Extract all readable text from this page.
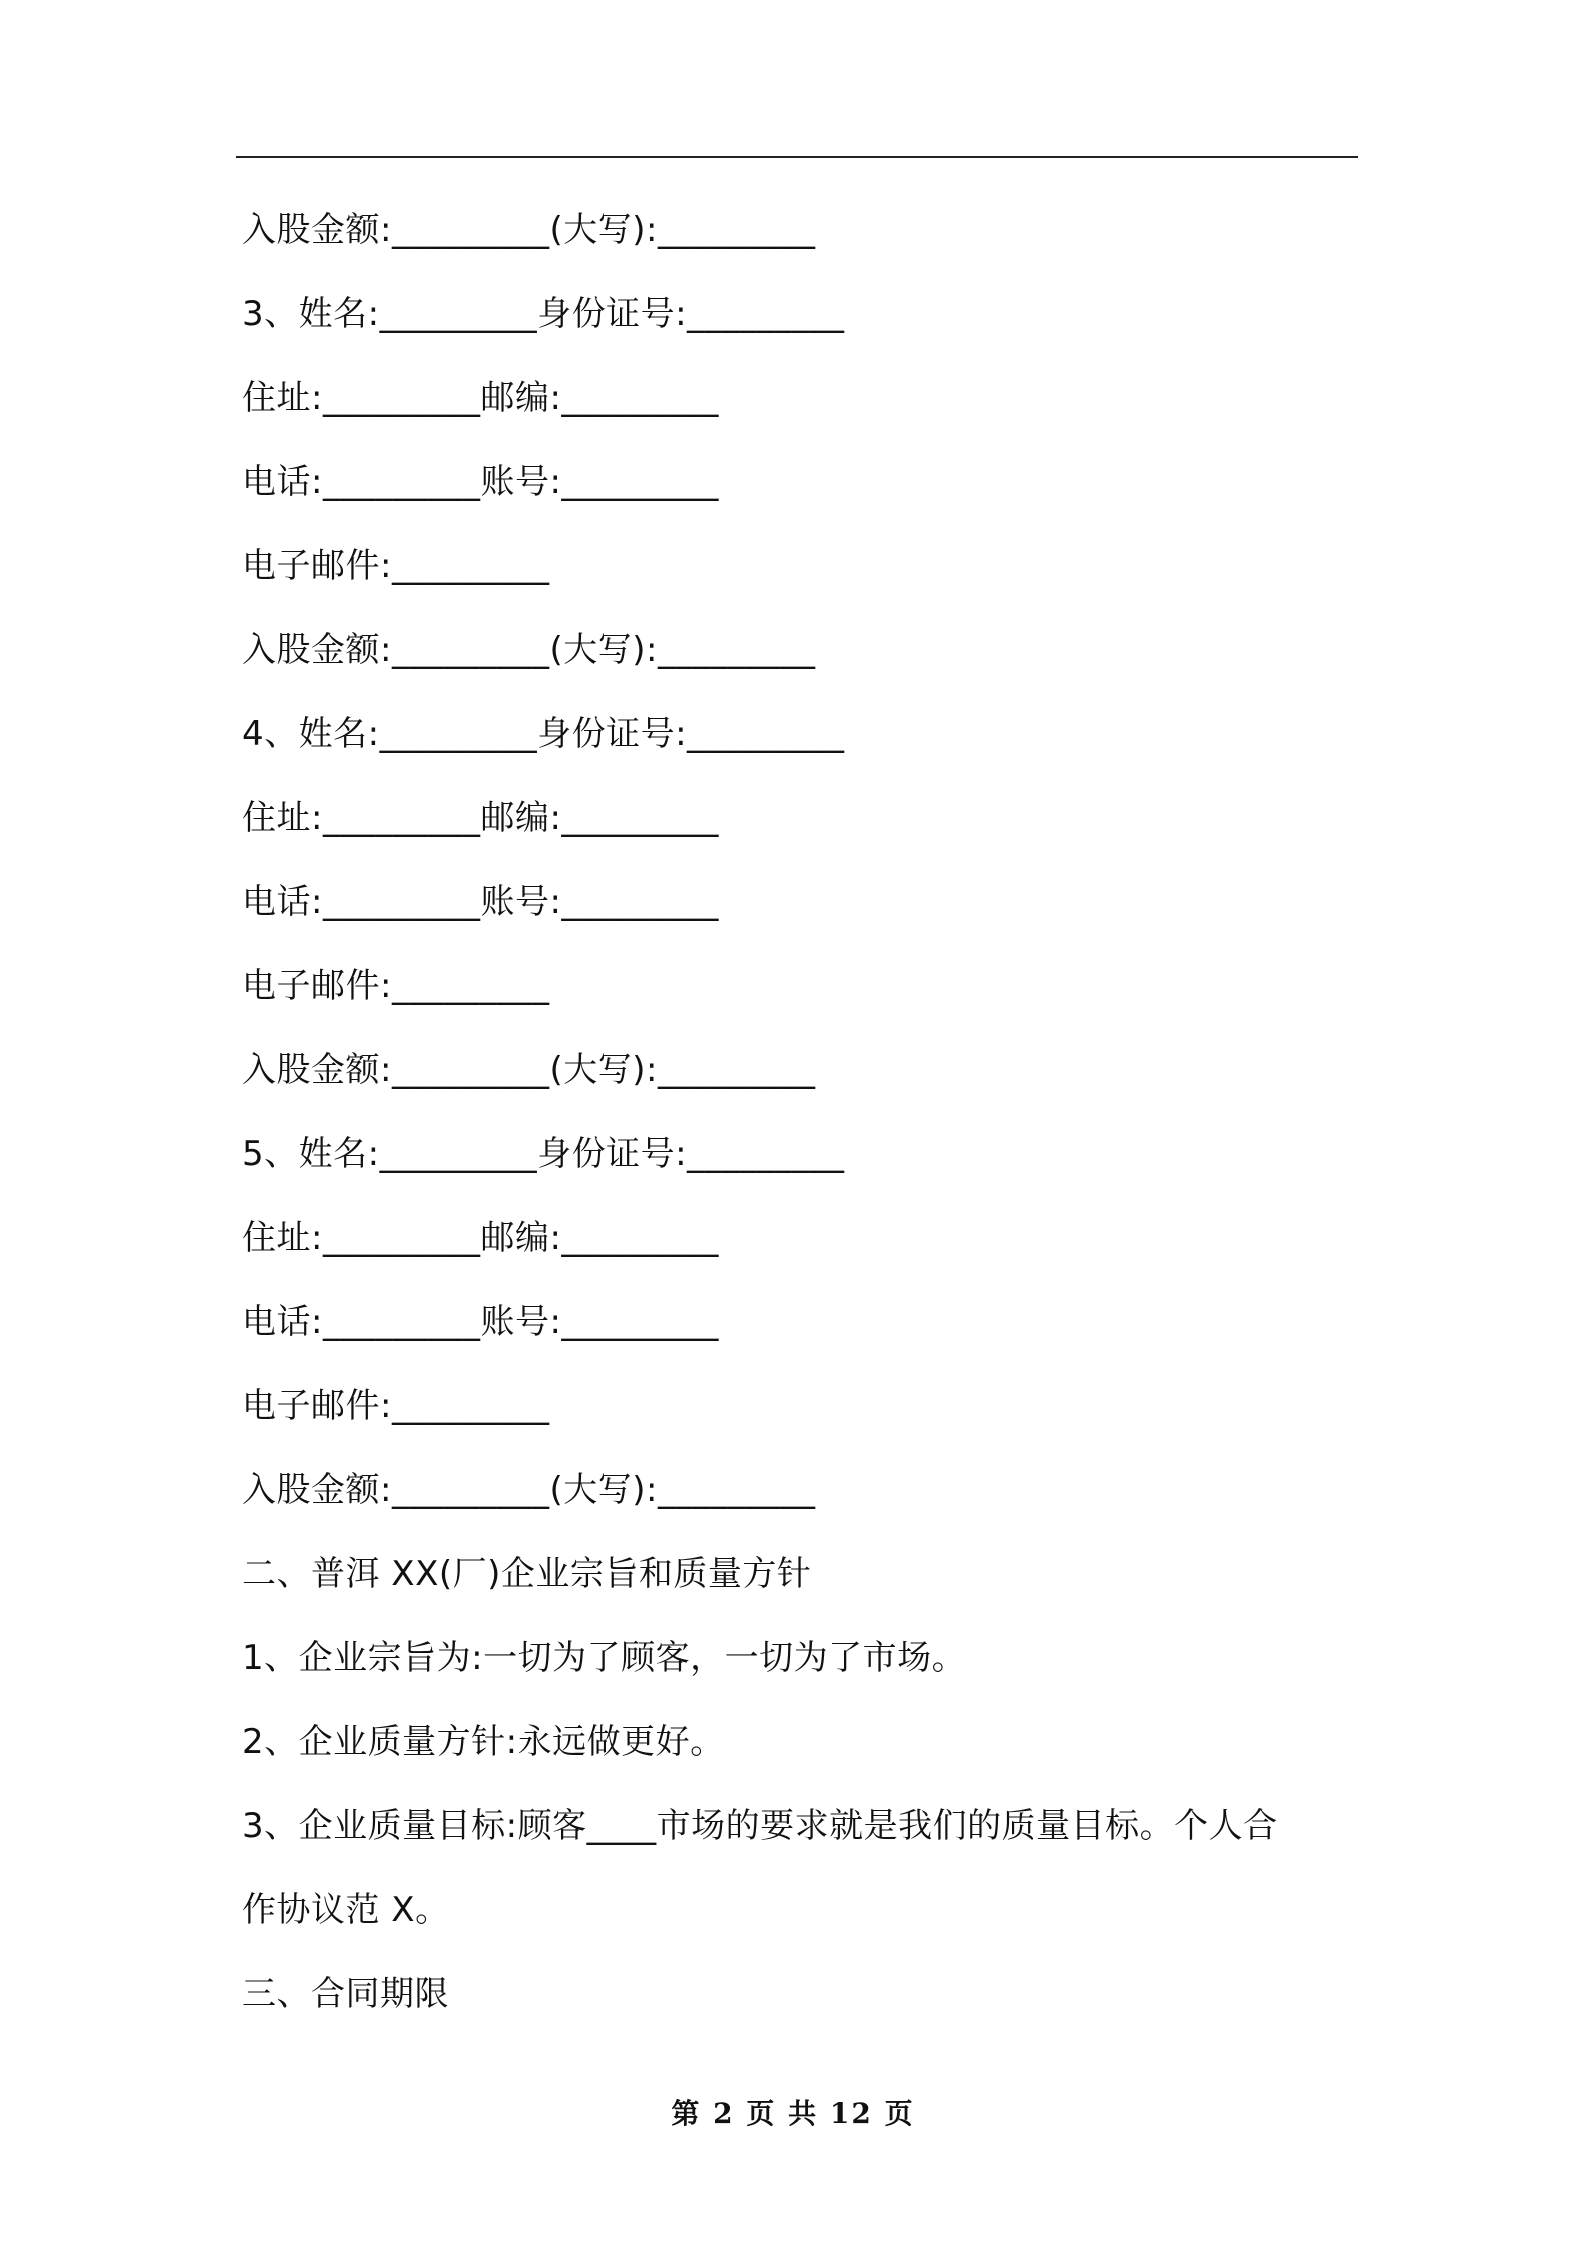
入股金额:_________(大写):_________
3、姓名:_________身份证号:_________
住址:_________邮编:_________
电话:_________账号:_________
电子邮件:_________
入股金额:_________(大写):_________
4、姓名:_________身份证号:_________
住址:_________邮编:_________
电话:_________账号:_________
电子邮件:_________
入股金额:_________(大写):_________
5、姓名:_________身份证号:_________
住址:_________邮编:_________
电话:_________账号:_________
电子邮件:_________
入股金额:_________(大写):_________
二、普洱 XX(厂)企业宗旨和质量方针
1、企业宗旨为:一切为了顾客，一切为了市场。
2、企业质量方针:永远做更好。
3、企业质量目标:顾客____市场的要求就是我们的质量目标。个人合
作协议范 X。
三、合同期限
第 2 页 共 12 页
